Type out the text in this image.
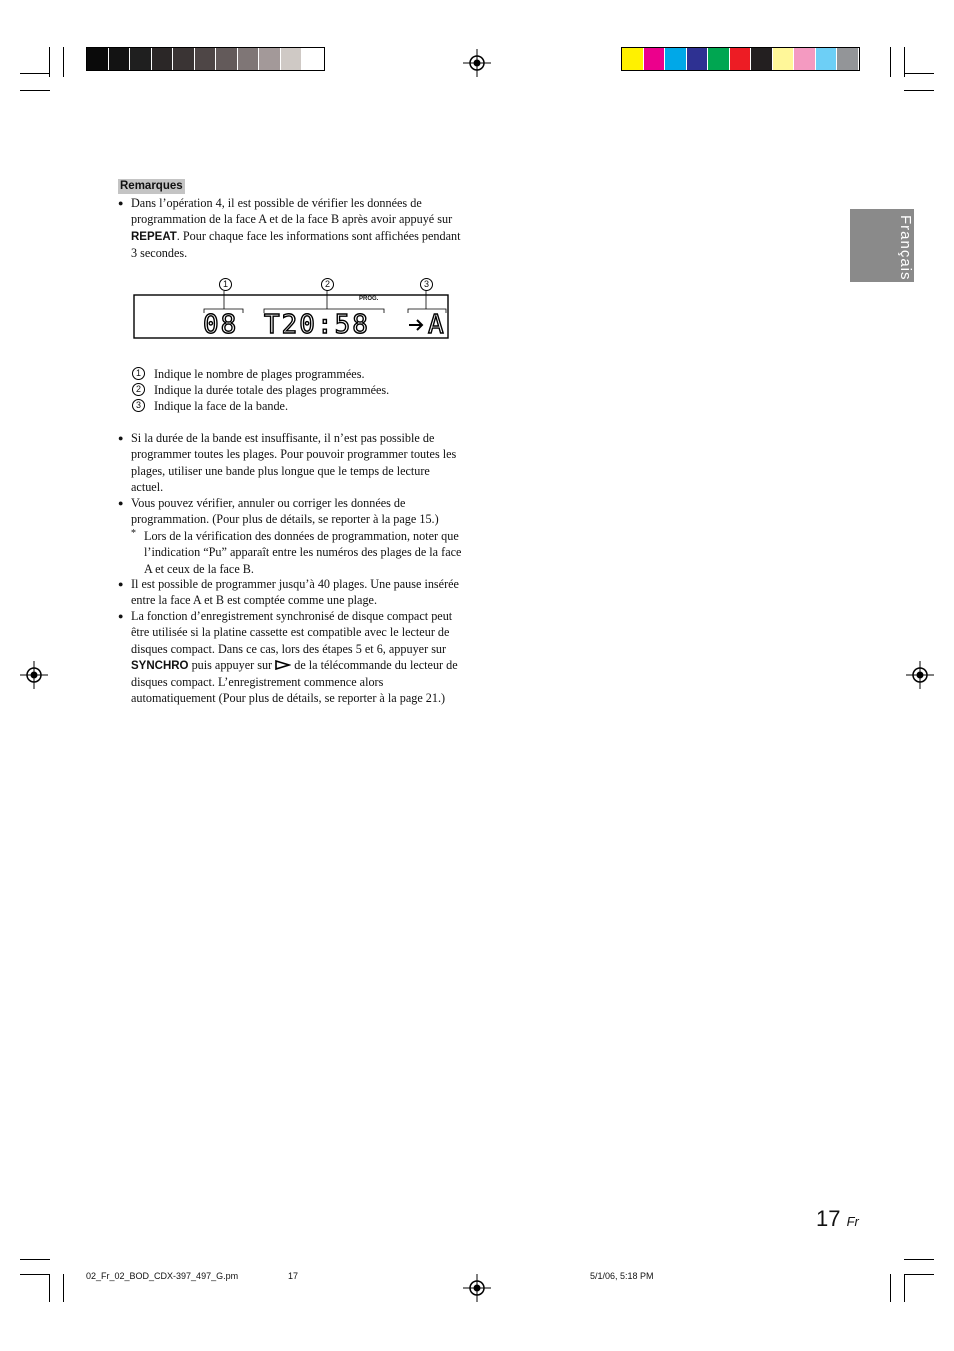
Français
Remarques
● Dans l’opération 4, il est possible de vérifier les données de programmation de la face A et de la face B après avoir appuyé sur REPEAT. Pour chaque face les informations sont affichées pendant 3 secondes.
1	2	3
PROG.
08 T20:58 A
1	Indique le nombre de plages programmées.
2	Indique la durée totale des plages programmées.
3	Indique la face de la bande.
● Si la durée de la bande est insuffisante, il n’est pas possible de programmer toutes les plages. Pour pouvoir programmer toutes les plages, utiliser une bande plus longue que le temps de lecture actuel.
● Vous pouvez vérifier, annuler ou corriger les données de programmation. (Pour plus de détails, se reporter à la page 15.)
* Lors de la vérification des données de programmation, noter que l’indication “Pu” apparaît entre les numéros des plages de la face A et ceux de la face B.
● Il est possible de programmer jusqu’à 40 plages. Une pause insérée entre la face A et B est comptée comme une plage.
● La fonction d’enregistrement synchronisé de disque compact peut être utilisée si la platine cassette est compatible avec le lecteur de disques compact. Dans ce cas, lors des étapes 5 et 6, appuyer sur SYNCHRO puis appuyer sur  de la télécommande du lecteur de disques compact. L’enregistrement commence alors automatiquement (Pour plus de détails, se reporter à la page 21.)
17 Fr
02_Fr_02_BOD_CDX-397_497_G.pm	17	5/1/06, 5:18 PM
